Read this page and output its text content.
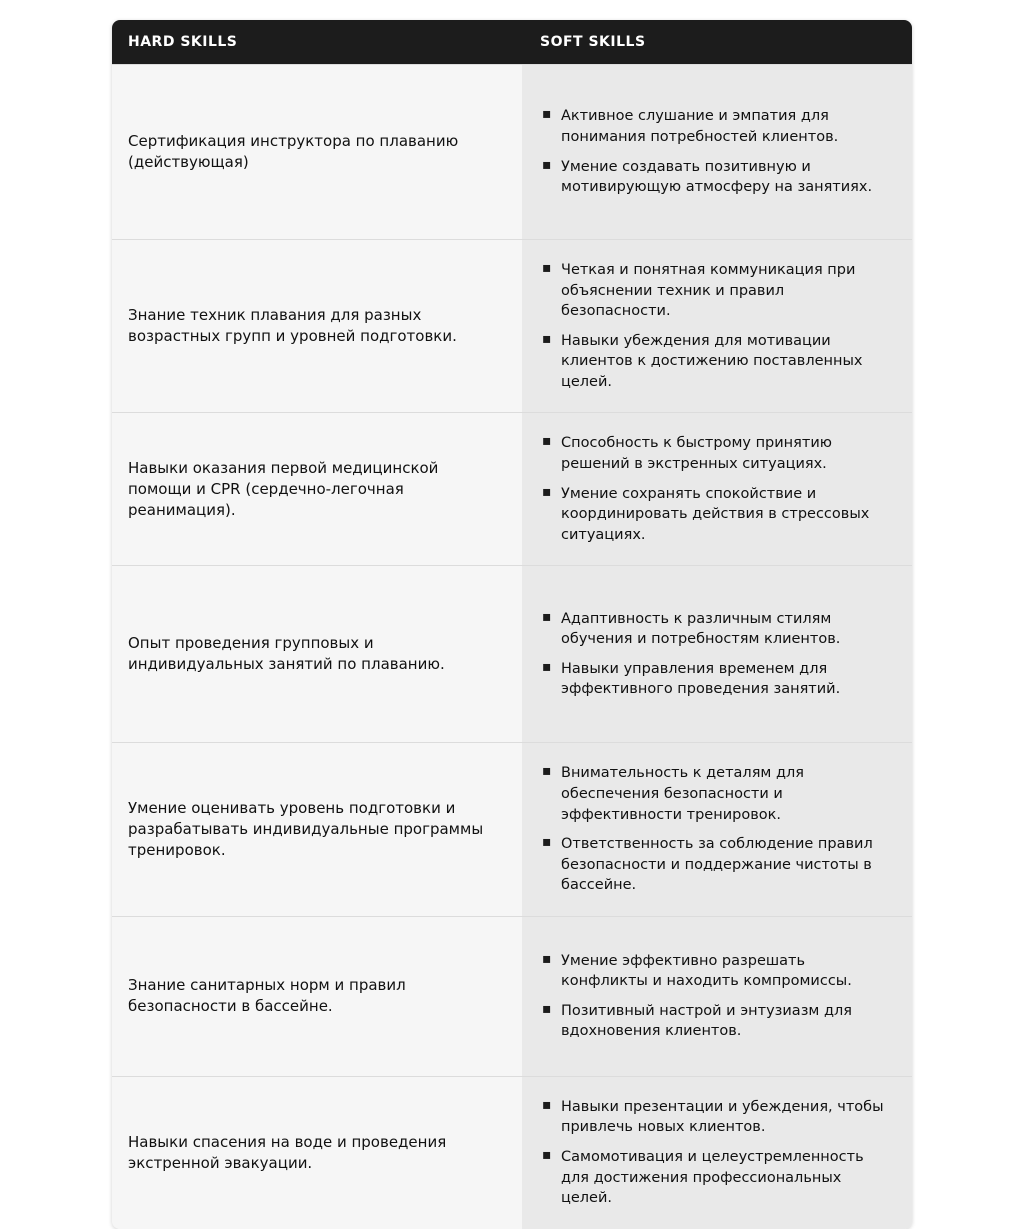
HARD SKILLS	SOFT SKILLS
Сертификация инструктора по плаванию (действующая)
▪ Активное слушание и эмпатия для понимания потребностей клиентов.
▪ Умение создавать позитивную и мотивирующую атмосферу на занятиях.
Знание техник плавания для разных возрастных групп и уровней подготовки.
▪ Четкая и понятная коммуникация при объяснении техник и правил безопасности.
▪ Навыки убеждения для мотивации клиентов к достижению поставленных целей.
Навыки оказания первой медицинской помощи и CPR (сердечно-легочная реанимация).
▪ Способность к быстрому принятию решений в экстренных ситуациях.
▪ Умение сохранять спокойствие и координировать действия в стрессовых ситуациях.
Опыт проведения групповых и индивидуальных занятий по плаванию.
▪ Адаптивность к различным стилям обучения и потребностям клиентов.
▪ Навыки управления временем для эффективного проведения занятий.
Умение оценивать уровень подготовки и разрабатывать индивидуальные программы тренировок.
▪ Внимательность к деталям для обеспечения безопасности и эффективности тренировок.
▪ Ответственность за соблюдение правил безопасности и поддержание чистоты в бассейне.
Знание санитарных норм и правил безопасности в бассейне.
▪ Умение эффективно разрешать конфликты и находить компромиссы.
▪ Позитивный настрой и энтузиазм для вдохновения клиентов.
Навыки спасения на воде и проведения экстренной эвакуации.
▪ Навыки презентации и убеждения, чтобы привлечь новых клиентов.
▪ Самомотивация и целеустремленность для достижения профессиональных целей.
